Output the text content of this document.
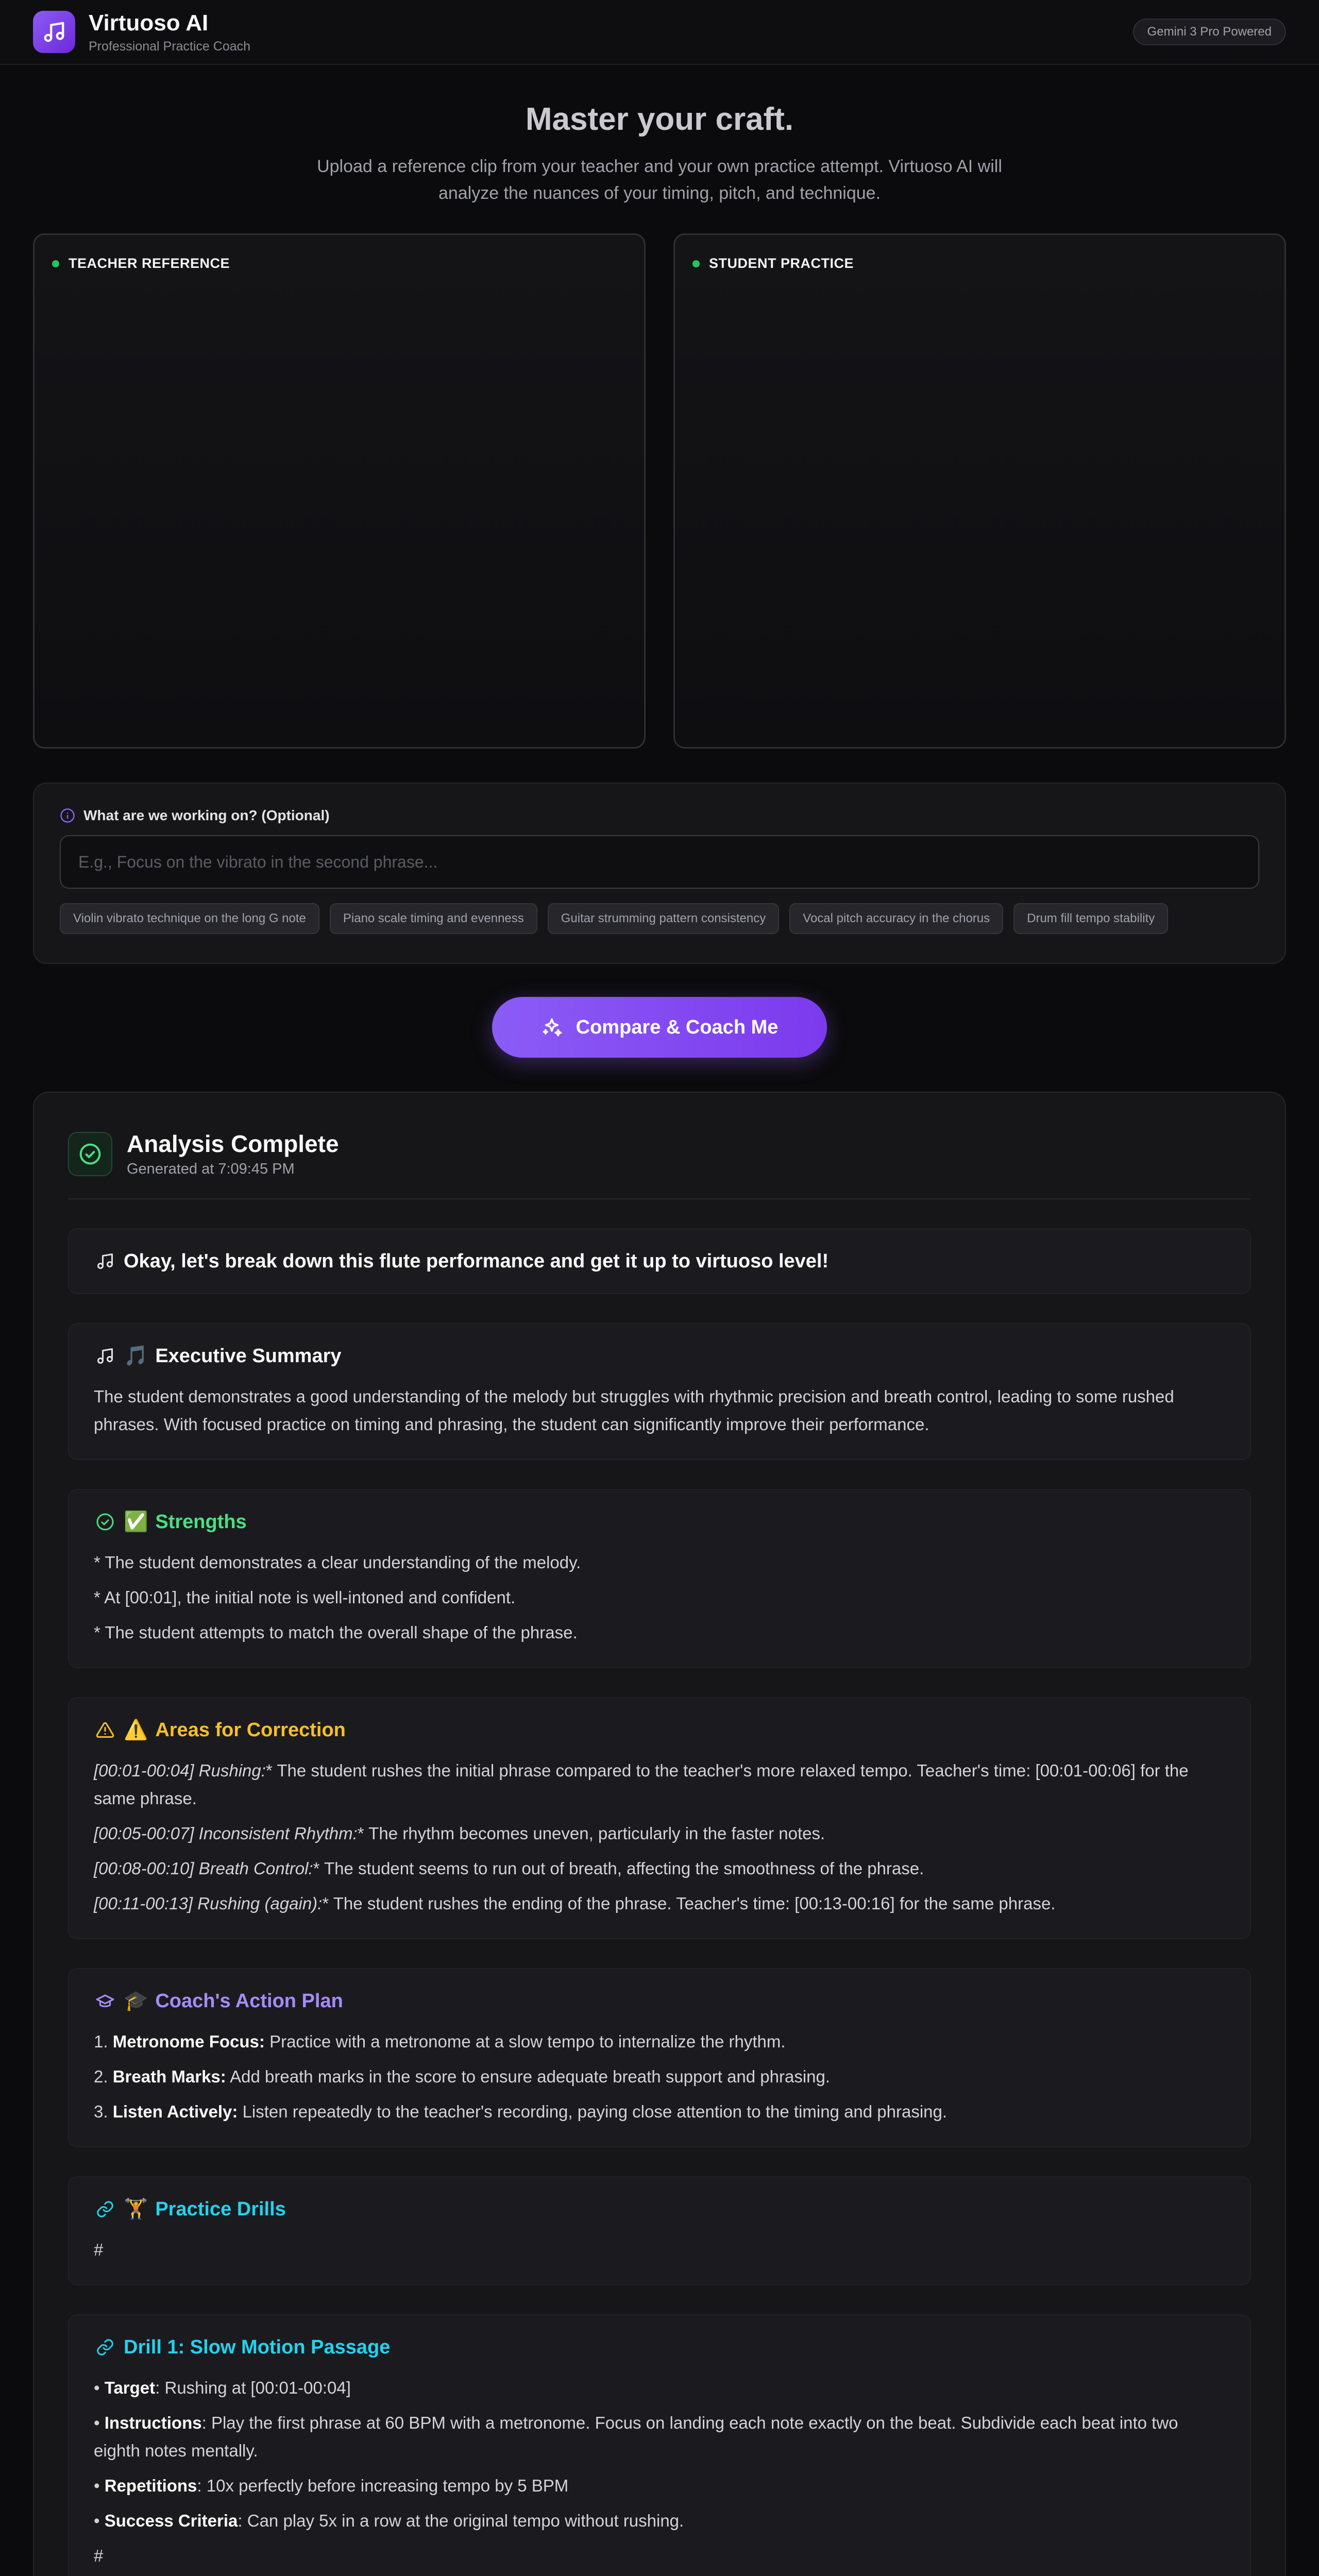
Virtuoso AI
Professional Practice Coach
Gemini 3 Pro Powered
Master your craft.

Upload a reference clip from your teacher and your own practice attempt. Virtuoso AI will analyze the nuances of your timing, pitch, and technique.

TEACHER REFERENCE	STUDENT PRACTICE
What are we working on? (Optional)
E.g., Focus on the vibrato in the second phrase...
Violin vibrato technique on the long G note	Piano scale timing and evenness	Guitar strumming pattern consistency	Vocal pitch accuracy in the chorus	Drum fill tempo stability
Compare & Coach Me
Analysis Complete
Generated at 7:09:45 PM
Okay, let's break down this flute performance and get it up to virtuoso level!
🎵 Executive Summary
The student demonstrates a good understanding of the melody but struggles with rhythmic precision and breath control, leading to some rushed phrases. With focused practice on timing and phrasing, the student can significantly improve their performance.
✅ Strengths
* The student demonstrates a clear understanding of the melody.
* At [00:01], the initial note is well-intoned and confident.
* The student attempts to match the overall shape of the phrase.
⚠️ Areas for Correction
[00:01-00:04] Rushing:* The student rushes the initial phrase compared to the teacher's more relaxed tempo. Teacher's time: [00:01-00:06] for the same phrase.
[00:05-00:07] Inconsistent Rhythm:* The rhythm becomes uneven, particularly in the faster notes.
[00:08-00:10] Breath Control:* The student seems to run out of breath, affecting the smoothness of the phrase.
[00:11-00:13] Rushing (again):* The student rushes the ending of the phrase. Teacher's time: [00:13-00:16] for the same phrase.
🎓 Coach's Action Plan
1. Metronome Focus: Practice with a metronome at a slow tempo to internalize the rhythm.
2. Breath Marks: Add breath marks in the score to ensure adequate breath support and phrasing.
3. Listen Actively: Listen repeatedly to the teacher's recording, paying close attention to the timing and phrasing.
🏋️ Practice Drills
#
Drill 1: Slow Motion Passage
• Target: Rushing at [00:01-00:04]
• Instructions: Play the first phrase at 60 BPM with a metronome. Focus on landing each note exactly on the beat. Subdivide each beat into two eighth notes mentally.
• Repetitions: 10x perfectly before increasing tempo by 5 BPM
• Success Criteria: Can play 5x in a row at the original tempo without rushing.
#
